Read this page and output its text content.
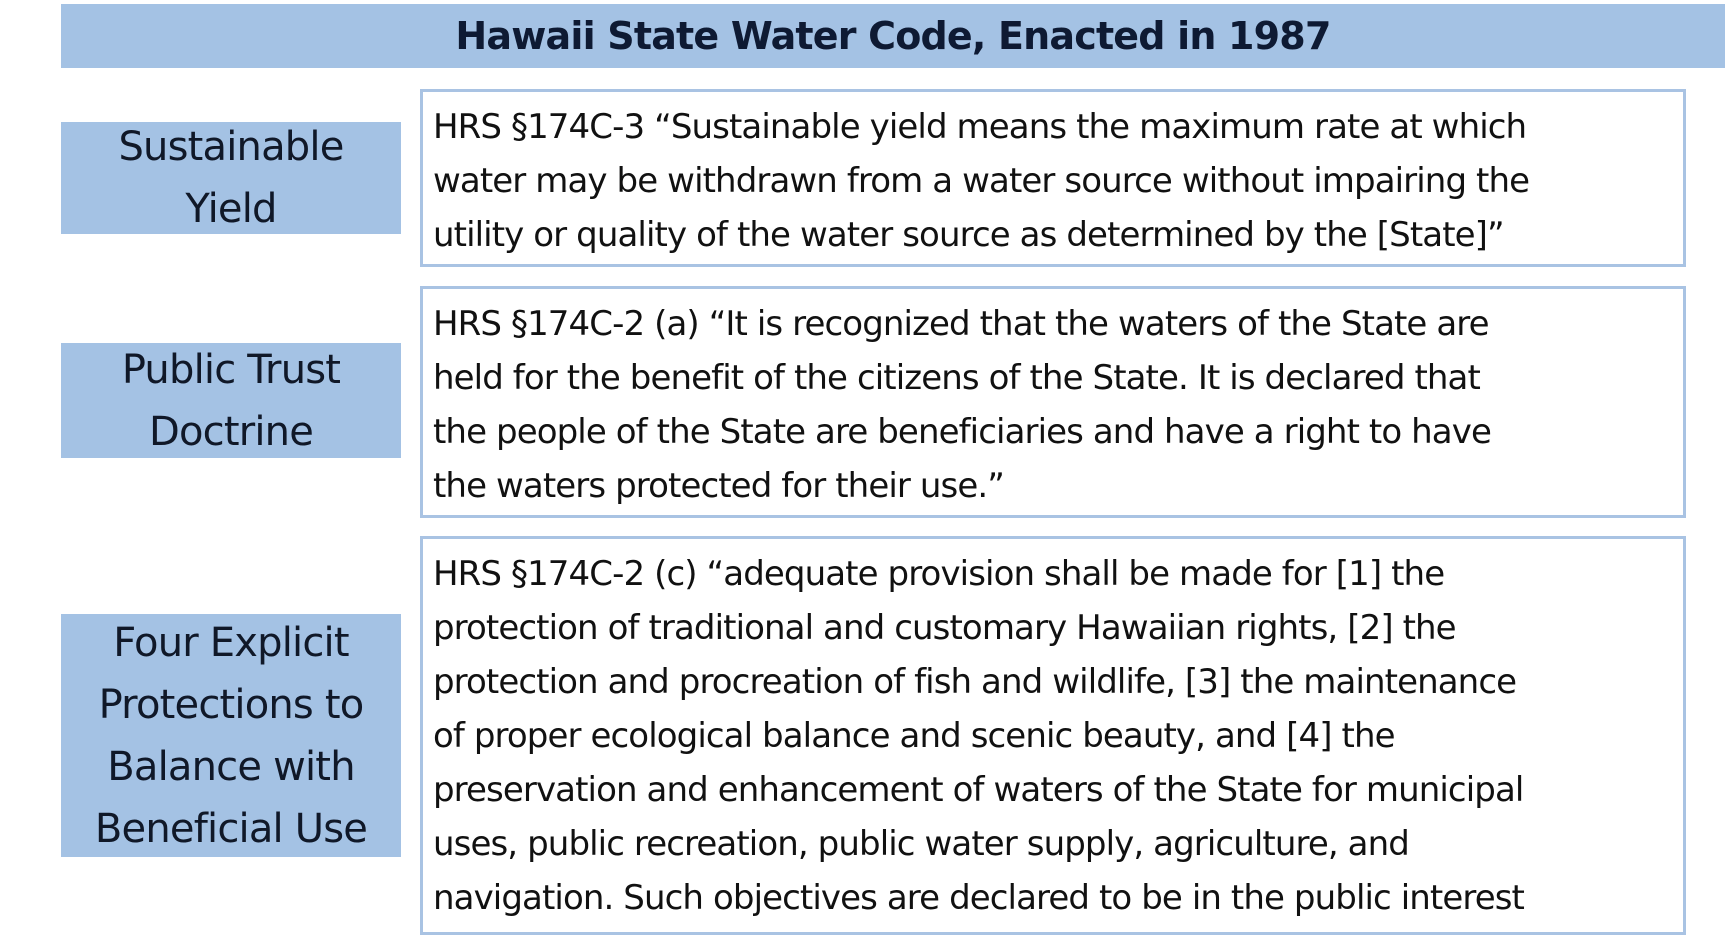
Hawaii State Water Code, Enacted in 1987
Sustainable
Yield
HRS §174C-3 “Sustainable yield means the maximum rate at which
water may be withdrawn from a water source without impairing the
utility or quality of the water source as determined by the [State]”
Public Trust
Doctrine
HRS §174C-2 (a) “It is recognized that the waters of the State are
held for the benefit of the citizens of the State. It is declared that
the people of the State are beneficiaries and have a right to have
the waters protected for their use.”
Four Explicit
Protections to
Balance with
Beneficial Use
HRS §174C-2 (c) “adequate provision shall be made for [1] the
protection of traditional and customary Hawaiian rights, [2] the
protection and procreation of fish and wildlife, [3] the maintenance
of proper ecological balance and scenic beauty, and [4] the
preservation and enhancement of waters of the State for municipal
uses, public recreation, public water supply, agriculture, and
navigation. Such objectives are declared to be in the public interest
